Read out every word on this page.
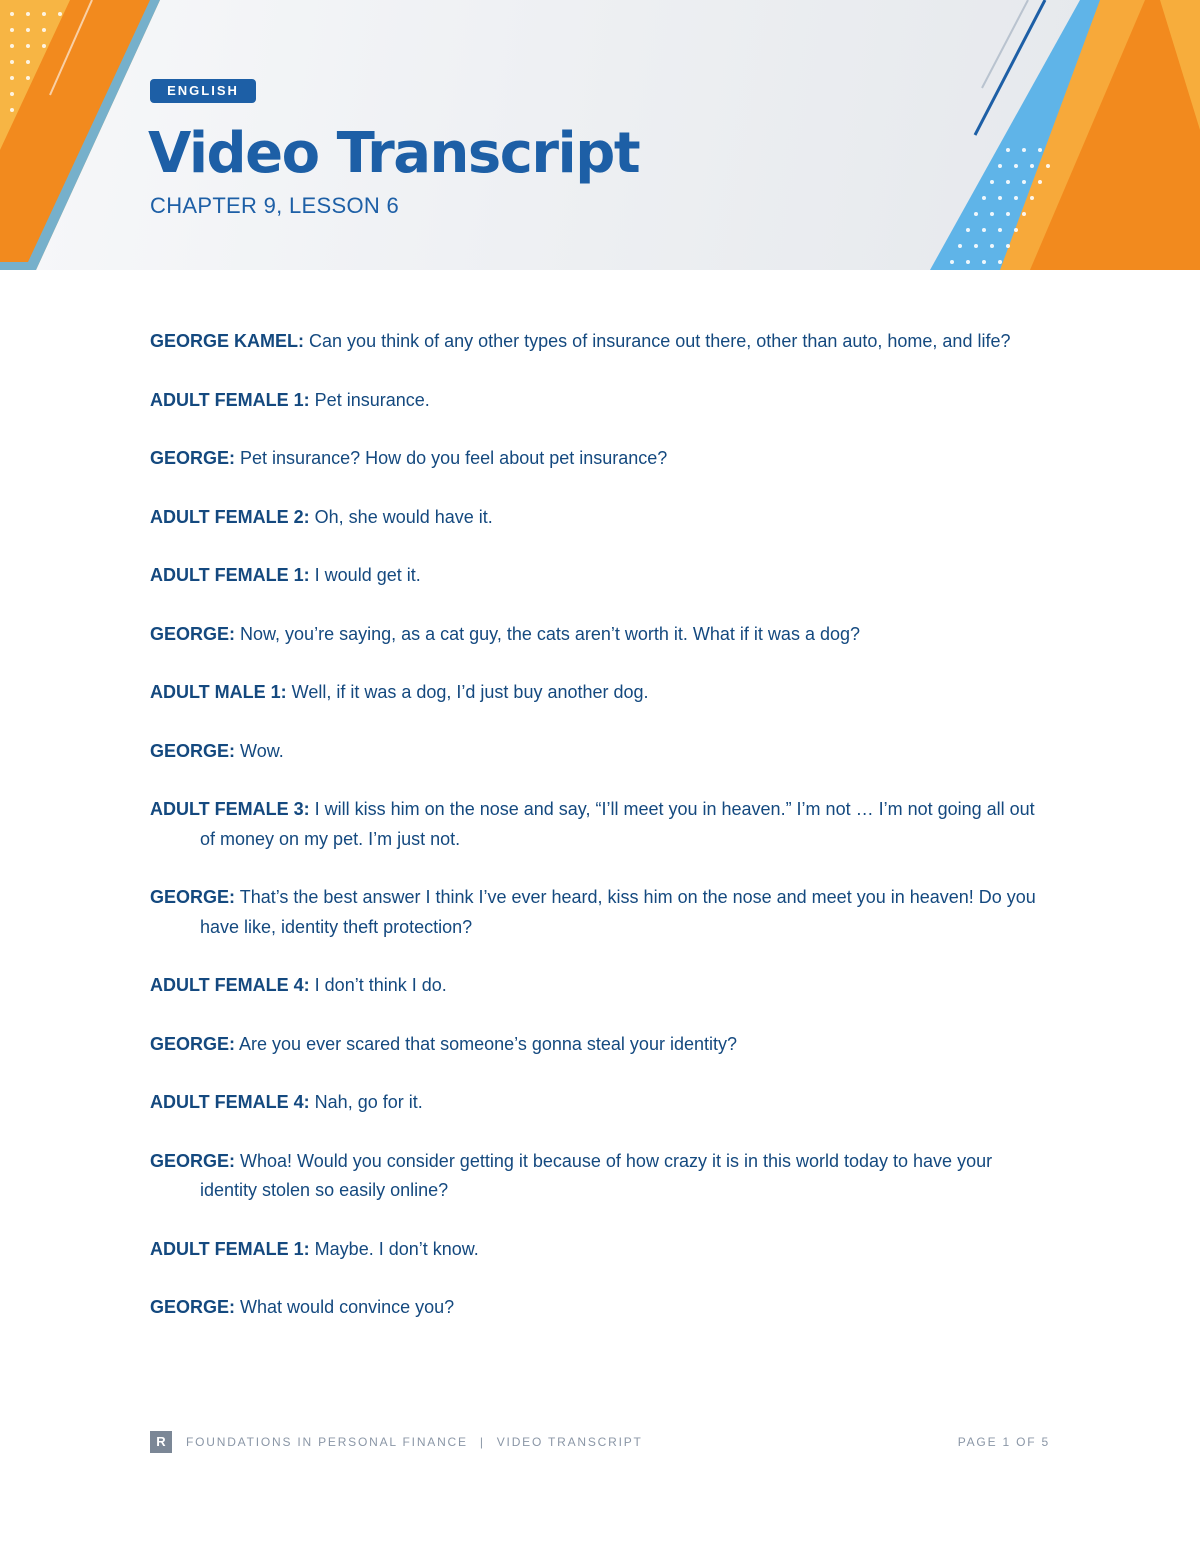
ENGLISH
Video Transcript
CHAPTER 9, LESSON 6

GEORGE KAMEL: Can you think of any other types of insurance out there, other than auto, home, and life?

ADULT FEMALE 1: Pet insurance.

GEORGE: Pet insurance? How do you feel about pet insurance?

ADULT FEMALE 2: Oh, she would have it.

ADULT FEMALE 1: I would get it.

GEORGE: Now, you’re saying, as a cat guy, the cats aren’t worth it. What if it was a dog?

ADULT MALE 1: Well, if it was a dog, I’d just buy another dog.

GEORGE: Wow.

ADULT FEMALE 3: I will kiss him on the nose and say, “I’ll meet you in heaven.” I’m not … I’m not going all out of money on my pet. I’m just not.

GEORGE: That’s the best answer I think I’ve ever heard, kiss him on the nose and meet you in heaven! Do you have like, identity theft protection?

ADULT FEMALE 4: I don’t think I do.

GEORGE: Are you ever scared that someone’s gonna steal your identity?

ADULT FEMALE 4: Nah, go for it.

GEORGE: Whoa! Would you consider getting it because of how crazy it is in this world today to have your identity stolen so easily online?

ADULT FEMALE 1: Maybe. I don’t know.

GEORGE: What would convince you?

R	FOUNDATIONS IN PERSONAL FINANCE | VIDEO TRANSCRIPT	PAGE 1 OF 5
